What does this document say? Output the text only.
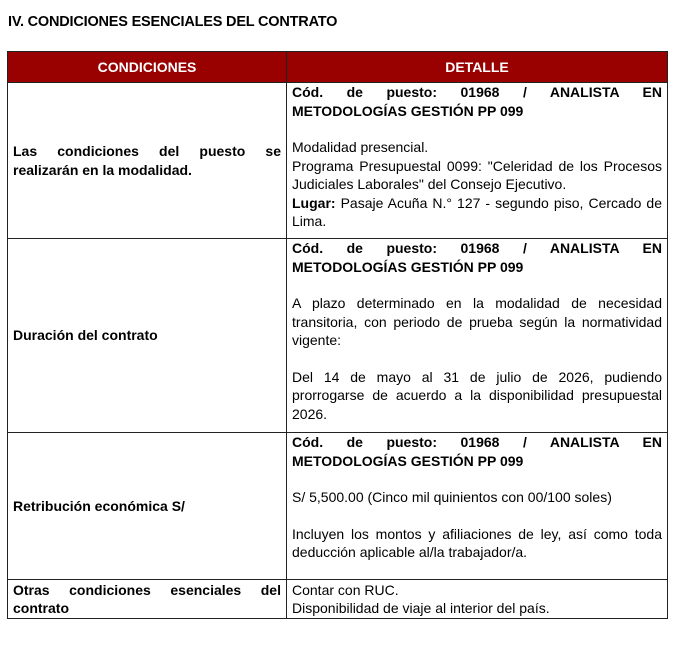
IV. CONDICIONES ESENCIALES DEL CONTRATO
CONDICIONES	DETALLE
Las condiciones del puesto se realizarán en la modalidad.	Cód. de puesto: 01968 / ANALISTA EN
METODOLOGÍAS GESTIÓN PP 099
Modalidad presencial.
Programa Presupuestal 0099: "Celeridad de los Procesos Judiciales Laborales" del Consejo Ejecutivo.
Lugar: Pasaje Acuña N.° 127 - segundo piso, Cercado de Lima.

Duración del contrato	Cód. de puesto: 01968 / ANALISTA EN
METODOLOGÍAS GESTIÓN PP 099
A plazo determinado en la modalidad de necesidad transitoria, con periodo de prueba según la normatividad vigente:
Del 14 de mayo al 31 de julio de 2026, pudiendo prorrogarse de acuerdo a la disponibilidad presupuestal 2026.

Retribución económica S/	Cód. de puesto: 01968 / ANALISTA EN
METODOLOGÍAS GESTIÓN PP 099
S/ 5,500.00 (Cinco mil quinientos con 00/100 soles)
Incluyen los montos y afiliaciones de ley, así como toda deducción aplicable al/la trabajador/a.

Otras condiciones esenciales del contrato	Contar con RUC.
Disponibilidad de viaje al interior del país.
